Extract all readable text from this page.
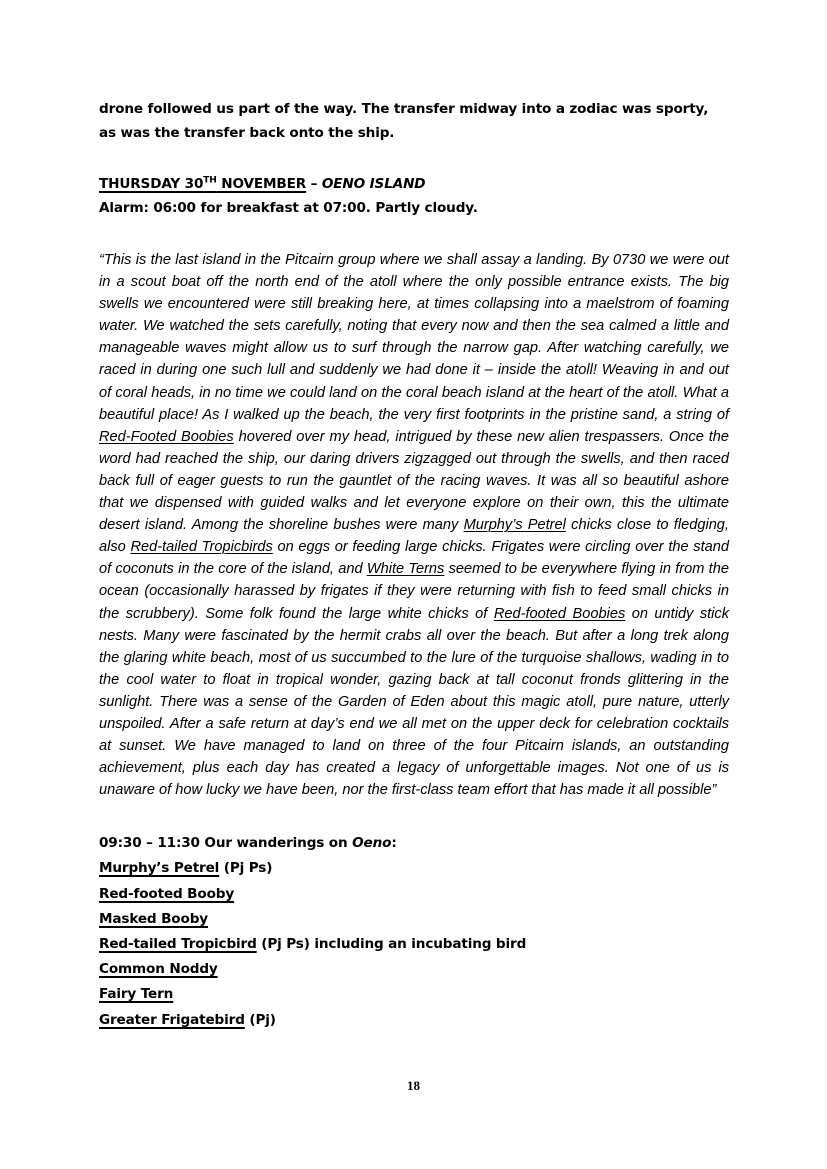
drone followed us part of the way. The transfer midway into a zodiac was sporty, as was the transfer back onto the ship.

THURSDAY 30TH NOVEMBER – OENO ISLAND

Alarm: 06:00 for breakfast at 07:00. Partly cloudy.

“This is the last island in the Pitcairn group where we shall assay a landing. By 0730 we were out in a scout boat off the north end of the atoll where the only possible entrance exists. The big swells we encountered were still breaking here, at times collapsing into a maelstrom of foaming water. We watched the sets carefully, noting that every now and then the sea calmed a little and manageable waves might allow us to surf through the narrow gap. After watching carefully, we raced in during one such lull and suddenly we had done it – inside the atoll! Weaving in and out of coral heads, in no time we could land on the coral beach island at the heart of the atoll. What a beautiful place! As I walked up the beach, the very first footprints in the pristine sand, a string of Red-Footed Boobies hovered over my head, intrigued by these new alien trespassers. Once the word had reached the ship, our daring drivers zigzagged out through the swells, and then raced back full of eager guests to run the gauntlet of the racing waves. It was all so beautiful ashore that we dispensed with guided walks and let everyone explore on their own, this the ultimate desert island. Among the shoreline bushes were many Murphy’s Petrel chicks close to fledging, also Red-tailed Tropicbirds on eggs or feeding large chicks. Frigates were circling over the stand of coconuts in the core of the island, and White Terns seemed to be everywhere flying in from the ocean (occasionally harassed by frigates if they were returning with fish to feed small chicks in the scrubbery). Some folk found the large white chicks of Red-footed Boobies on untidy stick nests. Many were fascinated by the hermit crabs all over the beach. But after a long trek along the glaring white beach, most of us succumbed to the lure of the turquoise shallows, wading in to the cool water to float in tropical wonder, gazing back at tall coconut fronds glittering in the sunlight. There was a sense of the Garden of Eden about this magic atoll, pure nature, utterly unspoiled. After a safe return at day’s end we all met on the upper deck for celebration cocktails at sunset. We have managed to land on three of the four Pitcairn islands, an outstanding achievement, plus each day has created a legacy of unforgettable images. Not one of us is unaware of how lucky we have been, nor the first-class team effort that has made it all possible”

09:30 – 11:30 Our wanderings on Oeno:

Murphy’s Petrel (Pj Ps)
Red-footed Booby
Masked Booby
Red-tailed Tropicbird (Pj Ps) including an incubating bird
Common Noddy
Fairy Tern
Greater Frigatebird (Pj)
18
